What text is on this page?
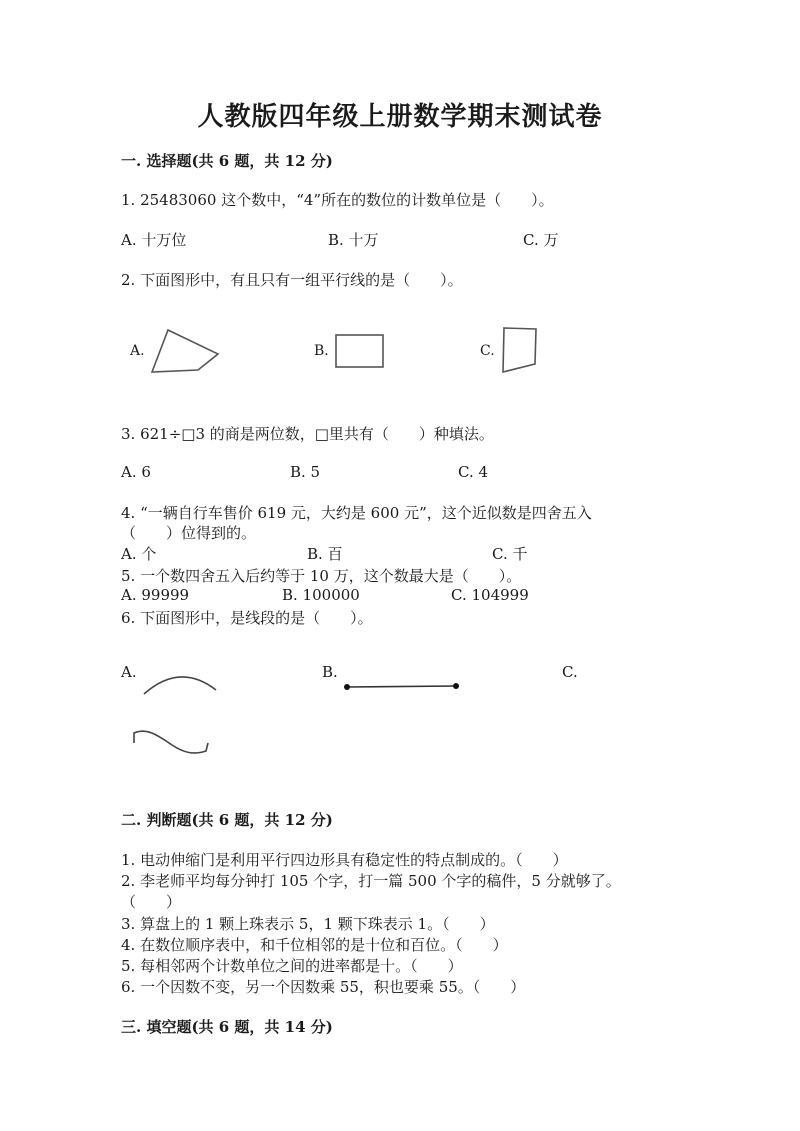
人教版四年级上册数学期末测试卷
一. 选择题(共 6 题，共 12 分)
1. 25483060 这个数中，“4”所在的数位的计数单位是（　　）。
A. 十万位	B. 十万	C. 万
2. 下面图形中，有且只有一组平行线的是（　　）。
A.	B.	C.
3. 621÷□3 的商是两位数，□里共有（　　）种填法。
A. 6	B. 5	C. 4
4. “一辆自行车售价 619 元，大约是 600 元”，这个近似数是四舍五入
（　　）位得到的。
A. 个	B. 百	C. 千
5. 一个数四舍五入后约等于 10 万，这个数最大是（　　）。
A. 99999	B. 100000	C. 104999
6. 下面图形中，是线段的是（　　）。
A.	B.	C.
二. 判断题(共 6 题，共 12 分)
1. 电动伸缩门是利用平行四边形具有稳定性的特点制成的。（　　）
2. 李老师平均每分钟打 105 个字，打一篇 500 个字的稿件，5 分就够了。
（　　）
3. 算盘上的 1 颗上珠表示 5，1 颗下珠表示 1。（　　）
4. 在数位顺序表中，和千位相邻的是十位和百位。（　　）
5. 每相邻两个计数单位之间的进率都是十。（　　）
6. 一个因数不变，另一个因数乘 55，积也要乘 55。（　　）
三. 填空题(共 6 题，共 14 分)
